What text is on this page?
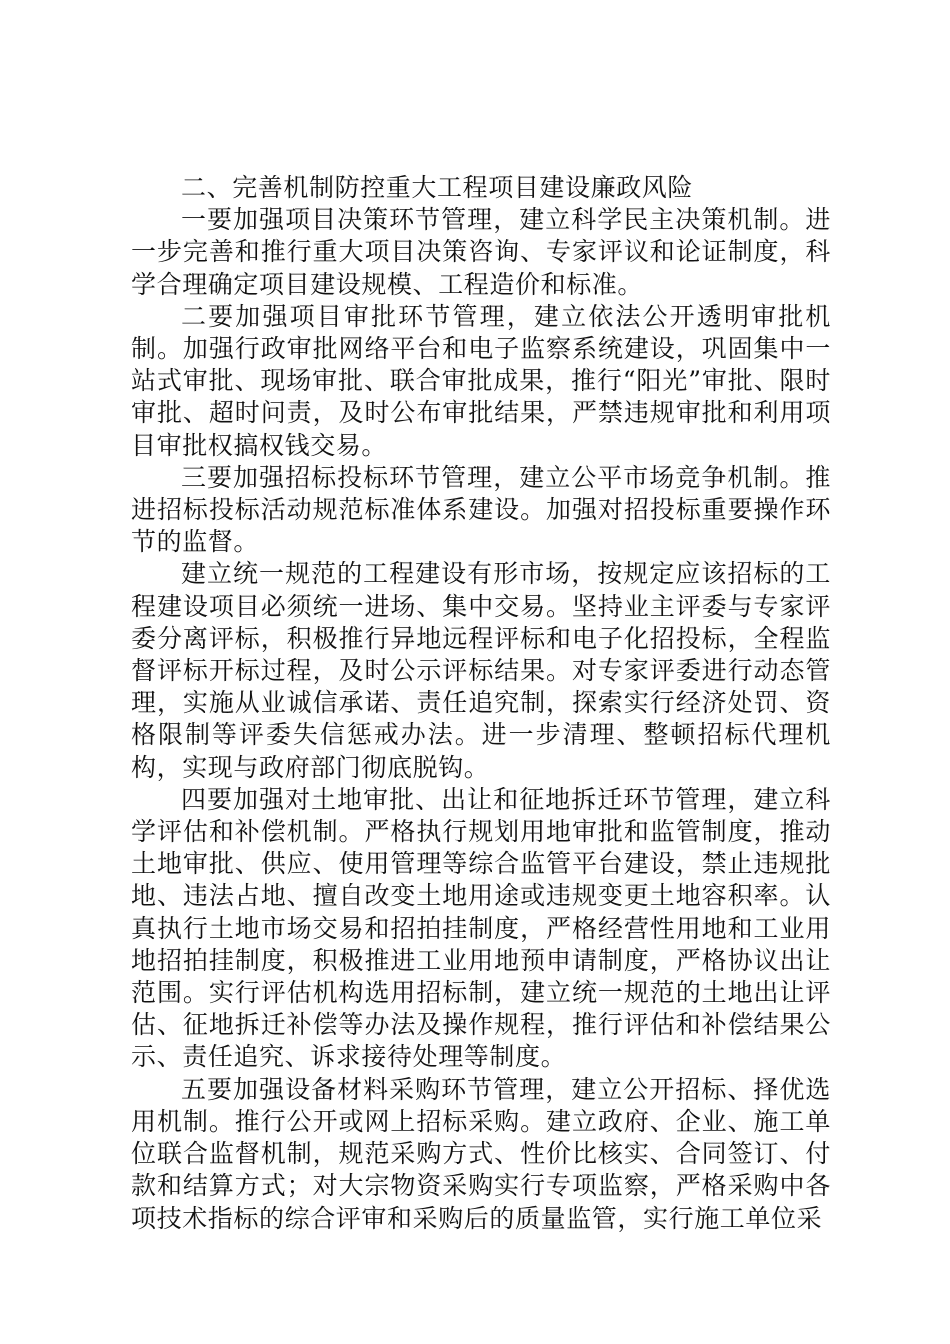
二、完善机制防控重大工程项目建设廉政风险

一要加强项目决策环节管理，建立科学民主决策机制。进一步完善和推行重大项目决策咨询、专家评议和论证制度，科学合理确定项目建设规模、工程造价和标准。

二要加强项目审批环节管理，建立依法公开透明审批机制。加强行政审批网络平台和电子监察系统建设，巩固集中一站式审批、现场审批、联合审批成果，推行“阳光”审批、限时审批、超时问责，及时公布审批结果，严禁违规审批和利用项目审批权搞权钱交易。

三要加强招标投标环节管理，建立公平市场竞争机制。推进招标投标活动规范标准体系建设。加强对招投标重要操作环节的监督。

建立统一规范的工程建设有形市场，按规定应该招标的工程建设项目必须统一进场、集中交易。坚持业主评委与专家评委分离评标，积极推行异地远程评标和电子化招投标，全程监督评标开标过程，及时公示评标结果。对专家评委进行动态管理，实施从业诚信承诺、责任追究制，探索实行经济处罚、资格限制等评委失信惩戒办法。进一步清理、整顿招标代理机构，实现与政府部门彻底脱钩。

四要加强对土地审批、出让和征地拆迁环节管理，建立科学评估和补偿机制。严格执行规划用地审批和监管制度，推动土地审批、供应、使用管理等综合监管平台建设，禁止违规批地、违法占地、擅自改变土地用途或违规变更土地容积率。认真执行土地市场交易和招拍挂制度，严格经营性用地和工业用地招拍挂制度，积极推进工业用地预申请制度，严格协议出让范围。实行评估机构选用招标制，建立统一规范的土地出让评估、征地拆迁补偿等办法及操作规程，推行评估和补偿结果公示、责任追究、诉求接待处理等制度。

五要加强设备材料采购环节管理，建立公开招标、择优选用机制。推行公开或网上招标采购。建立政府、企业、施工单位联合监督机制，规范采购方式、性价比核实、合同签订、付款和结算方式；对大宗物资采购实行专项监察，严格采购中各项技术指标的综合评审和采购后的质量监管，实行施工单位采
